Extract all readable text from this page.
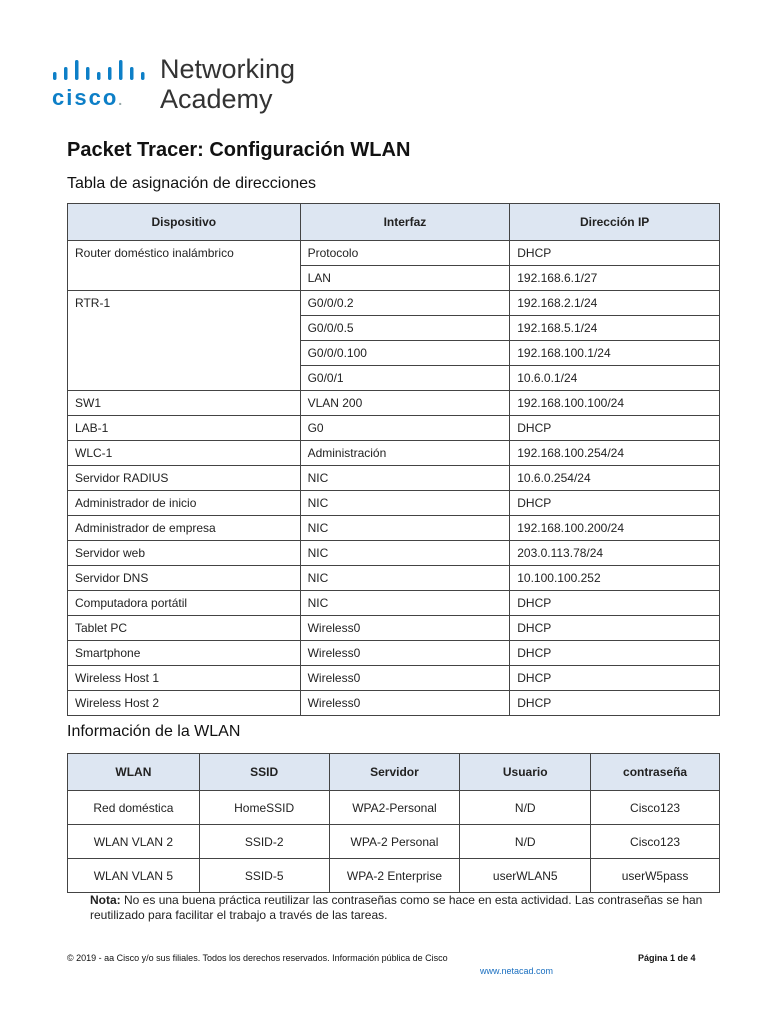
cisco.
Networking
Academy
Packet Tracer: Configuración WLAN
Tabla de asignación de direcciones
Dispositivo	Interfaz	Dirección IP
Router doméstico inalámbrico	Protocolo	DHCP
	LAN	192.168.6.1/27
RTR-1	G0/0/0.2	192.168.2.1/24
	G0/0/0.5	192.168.5.1/24
	G0/0/0.100	192.168.100.1/24
	G0/0/1	10.6.0.1/24
SW1	VLAN 200	192.168.100.100/24
LAB-1	G0	DHCP
WLC-1	Administración	192.168.100.254/24
Servidor RADIUS	NIC	10.6.0.254/24
Administrador de inicio	NIC	DHCP
Administrador de empresa	NIC	192.168.100.200/24
Servidor web	NIC	203.0.113.78/24
Servidor DNS	NIC	10.100.100.252
Computadora portátil	NIC	DHCP
Tablet PC	Wireless0	DHCP
Smartphone	Wireless0	DHCP
Wireless Host 1	Wireless0	DHCP
Wireless Host 2	Wireless0	DHCP
Información de la WLAN
WLAN	SSID	Servidor	Usuario	contraseña
Red doméstica	HomeSSID	WPA2-Personal	N/D	Cisco123
WLAN VLAN 2	SSID-2	WPA-2 Personal	N/D	Cisco123
WLAN VLAN 5	SSID-5	WPA-2 Enterprise	userWLAN5	userW5pass
Nota: No es una buena práctica reutilizar las contraseñas como se hace en esta actividad. Las contraseñas se han reutilizado para facilitar el trabajo a través de las tareas.
© 2019 - aa Cisco y/o sus filiales. Todos los derechos reservados. Información pública de Cisco	Página 1 de 4
www.netacad.com
